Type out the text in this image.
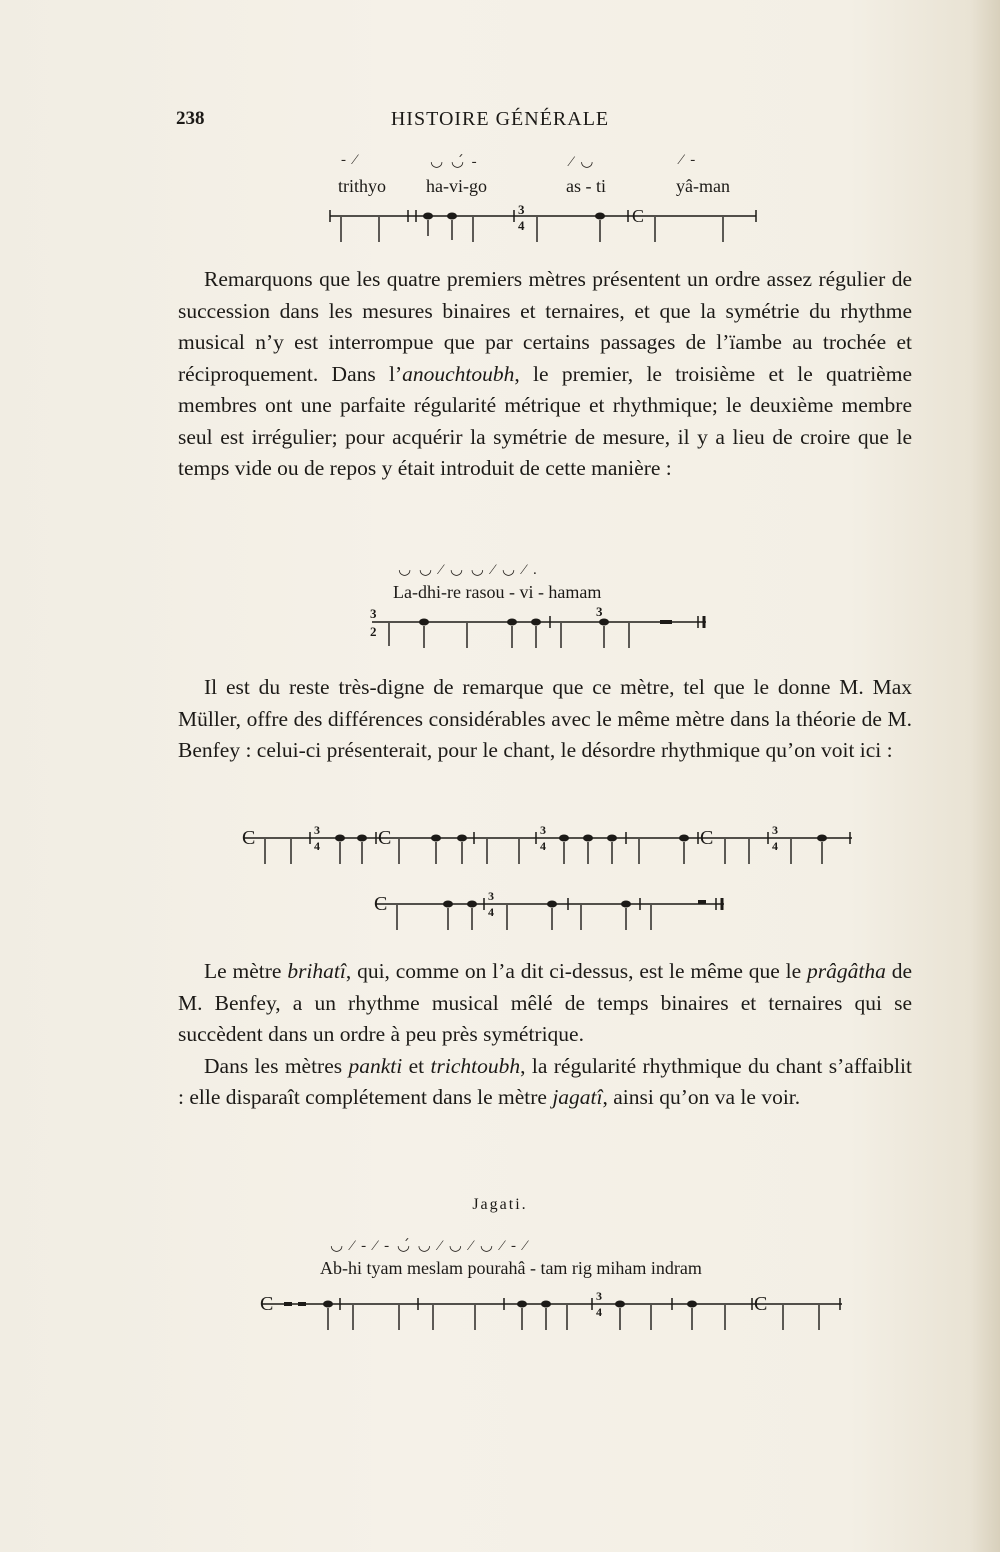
238	HISTOIRE GÉNÉRALE
- ⁄	◡ ◡́ -	⁄ ◡	⁄ -
trithyo ha-vi-go	as - ti	yâ-man
3
4	C

Remarquons que les quatre premiers mètres présentent un ordre assez régulier de succession dans les mesures binaires et ternaires, et que la symétrie du rhythme musical n’y est interrompue que par certains passages de l’ïambe au trochée et réciproquement. Dans l’anouchtoubh, le premier, le troisième et le quatrième membres ont une parfaite régularité métrique et rhythmique; le deuxième membre seul est irrégulier; pour acquérir la symétrie de mesure, il y a lieu de croire que le temps vide ou de repos y était introduit de cette manière :

◡ ◡ ⁄ ◡ ◡ ⁄ ◡ ⁄ .
La-dhi-re rasou - vi - hamam
3
2
3

Il est du reste très-digne de remarque que ce mètre, tel que le donne M. Max Müller, offre des différences considérables avec le même mètre dans la théorie de M. Benfey : celui-ci présenterait, pour le chant, le désordre rhythmique qu’on voit ici :

C	3
4	C	3
4	C	3
4
C	3
4

Le mètre brihatî, qui, comme on l’a dit ci-dessus, est le même que le prâgâtha de M. Benfey, a un rhythme musical mêlé de temps binaires et ternaires qui se succèdent dans un ordre à peu près symétrique.

Dans les mètres pankti et trichtoubh, la régularité rhythmique du chant s’affaiblit : elle disparaît complétement dans le mètre jagatî, ainsi qu’on va le voir.

Jagati.
◡ ⁄ - ⁄ - ◡́ ◡ ⁄ ◡ ⁄ ◡ ⁄ - ⁄
Ab-hi tyam meslam pourahâ - tam rig miham indram
C	3
4	C
